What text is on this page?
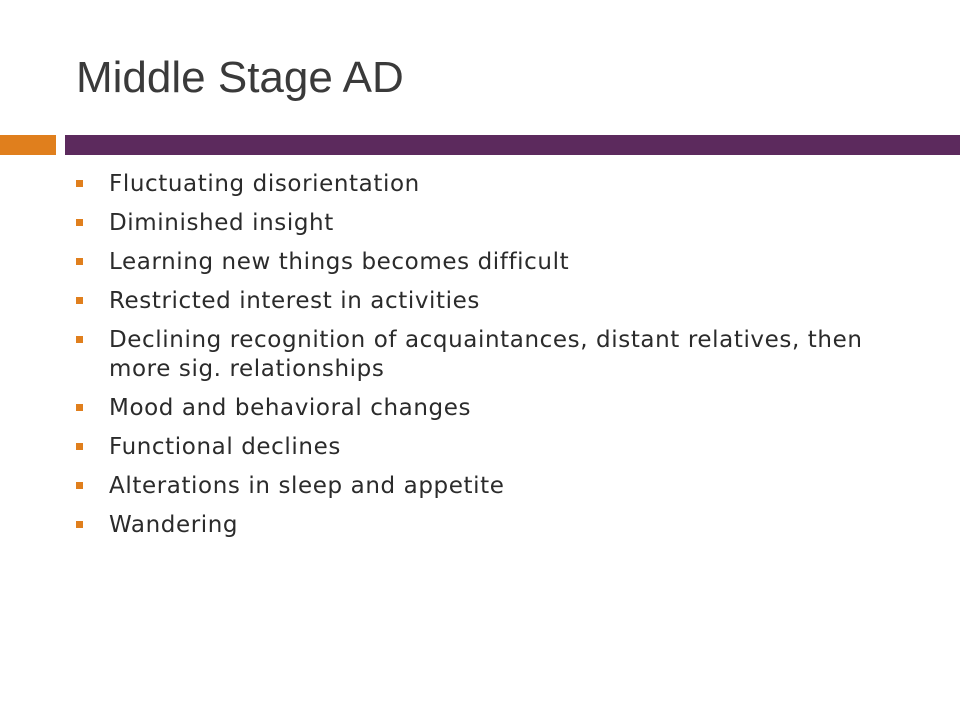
Middle Stage AD
Fluctuating disorientation
Diminished insight
Learning new things becomes difficult
Restricted interest in activities
Declining recognition of acquaintances, distant relatives, then more sig. relationships
Mood and behavioral changes
Functional declines
Alterations in sleep and appetite
Wandering
